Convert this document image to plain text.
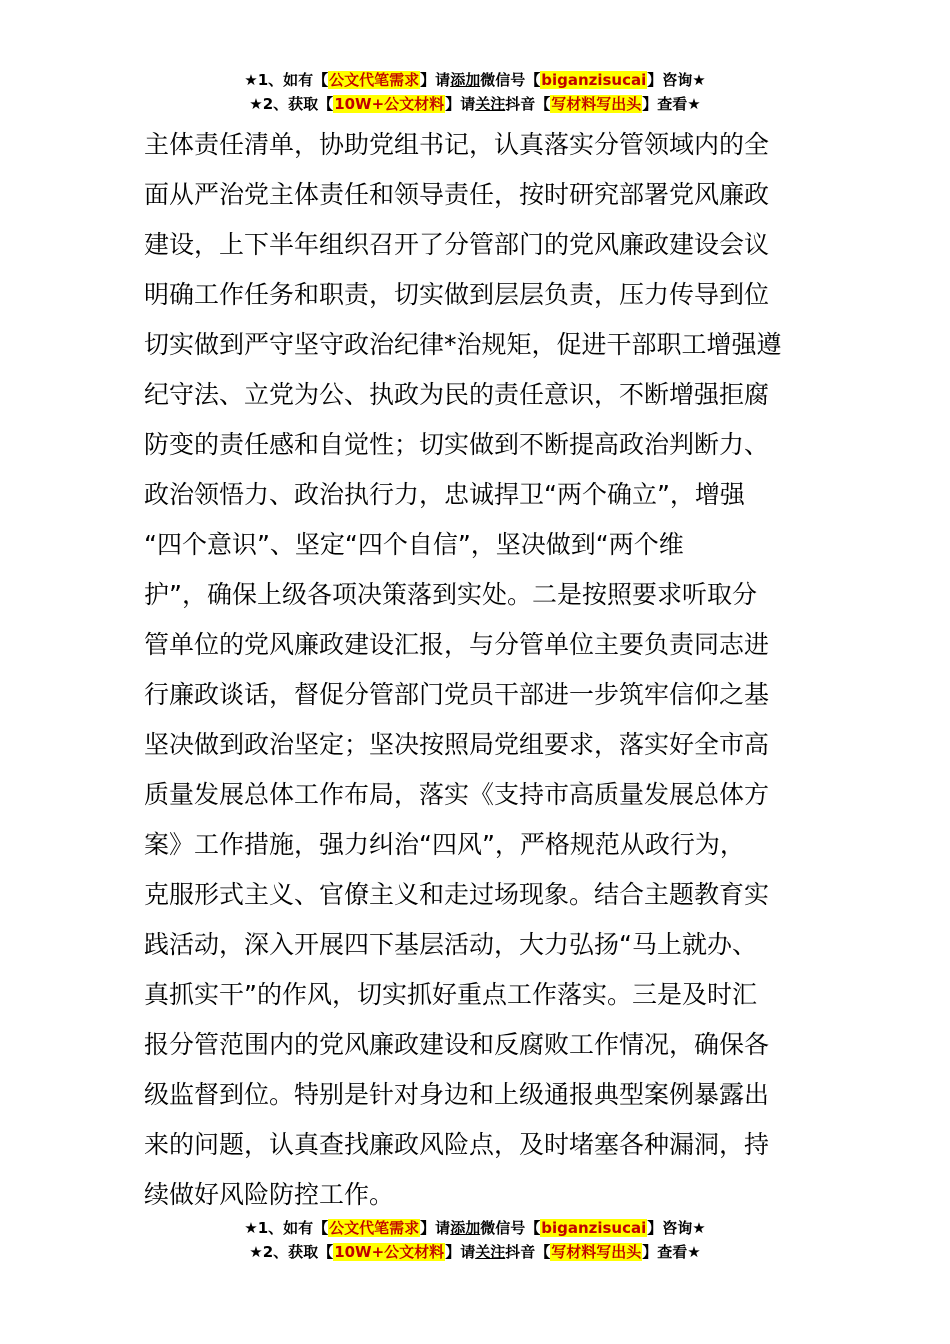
★1、如有【公文代笔需求】请添加微信号【biganzisucai】咨询★
★2、获取【10W+公文材料】请关注抖音【写材料写出头】查看★
主体责任清单，协助党组书记，认真落实分管领域内的全
面从严治党主体责任和领导责任，按时研究部署党风廉政
建设，上下半年组织召开了分管部门的党风廉政建设会议
明确工作任务和职责，切实做到层层负责，压力传导到位
切实做到严守坚守政治纪律*治规矩，促进干部职工增强遵
纪守法、立党为公、执政为民的责任意识，不断增强拒腐
防变的责任感和自觉性；切实做到不断提高政治判断力、
政治领悟力、政治执行力，忠诚捍卫“两个确立”，增强
“四个意识”、坚定“四个自信”，坚决做到“两个维
护”，确保上级各项决策落到实处。二是按照要求听取分
管单位的党风廉政建设汇报，与分管单位主要负责同志进
行廉政谈话，督促分管部门党员干部进一步筑牢信仰之基
坚决做到政治坚定；坚决按照局党组要求，落实好全市高
质量发展总体工作布局，落实《支持市高质量发展总体方
案》工作措施，强力纠治“四风”，严格规范从政行为，
克服形式主义、官僚主义和走过场现象。结合主题教育实
践活动，深入开展四下基层活动，大力弘扬“马上就办、
真抓实干”的作风，切实抓好重点工作落实。三是及时汇
报分管范围内的党风廉政建设和反腐败工作情况，确保各
级监督到位。特别是针对身边和上级通报典型案例暴露出
来的问题，认真查找廉政风险点，及时堵塞各种漏洞，持
续做好风险防控工作。
★1、如有【公文代笔需求】请添加微信号【biganzisucai】咨询★
★2、获取【10W+公文材料】请关注抖音【写材料写出头】查看★
